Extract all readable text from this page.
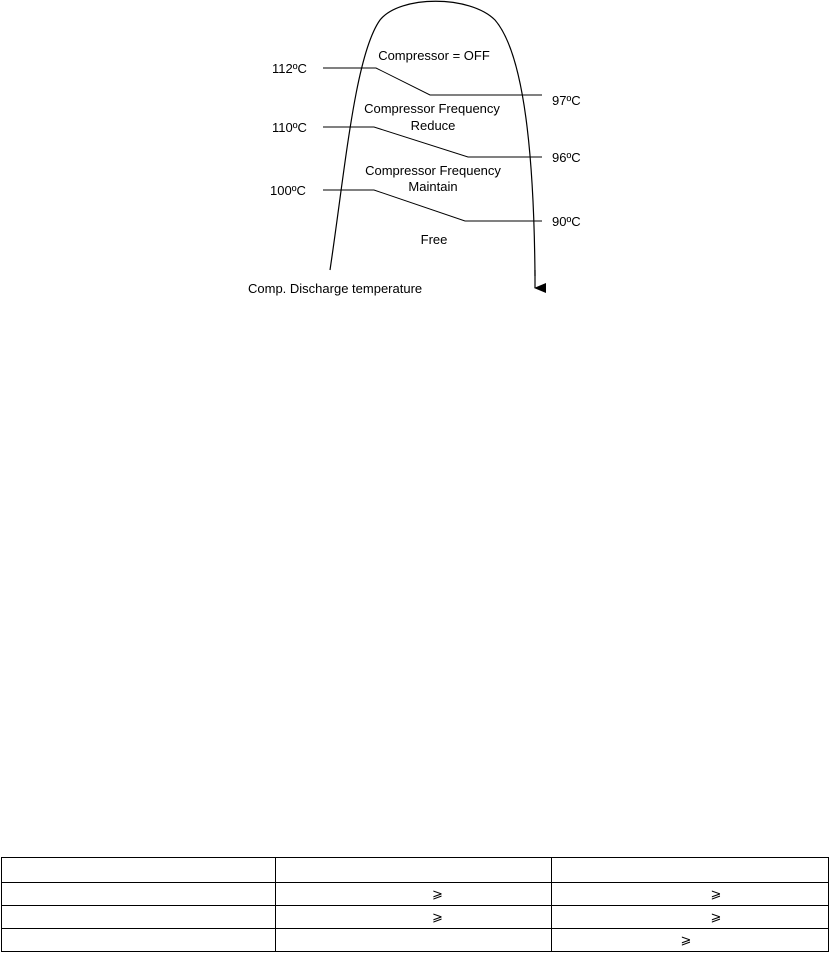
112ºC
110ºC
100ºC
97ºC
96ºC
90ºC
Compressor = OFF
Compressor Frequency
Reduce
Compressor Frequency
Maintain
Free
Comp. Discharge temperature

	⩾	⩾
	⩾	⩾
		⩾
